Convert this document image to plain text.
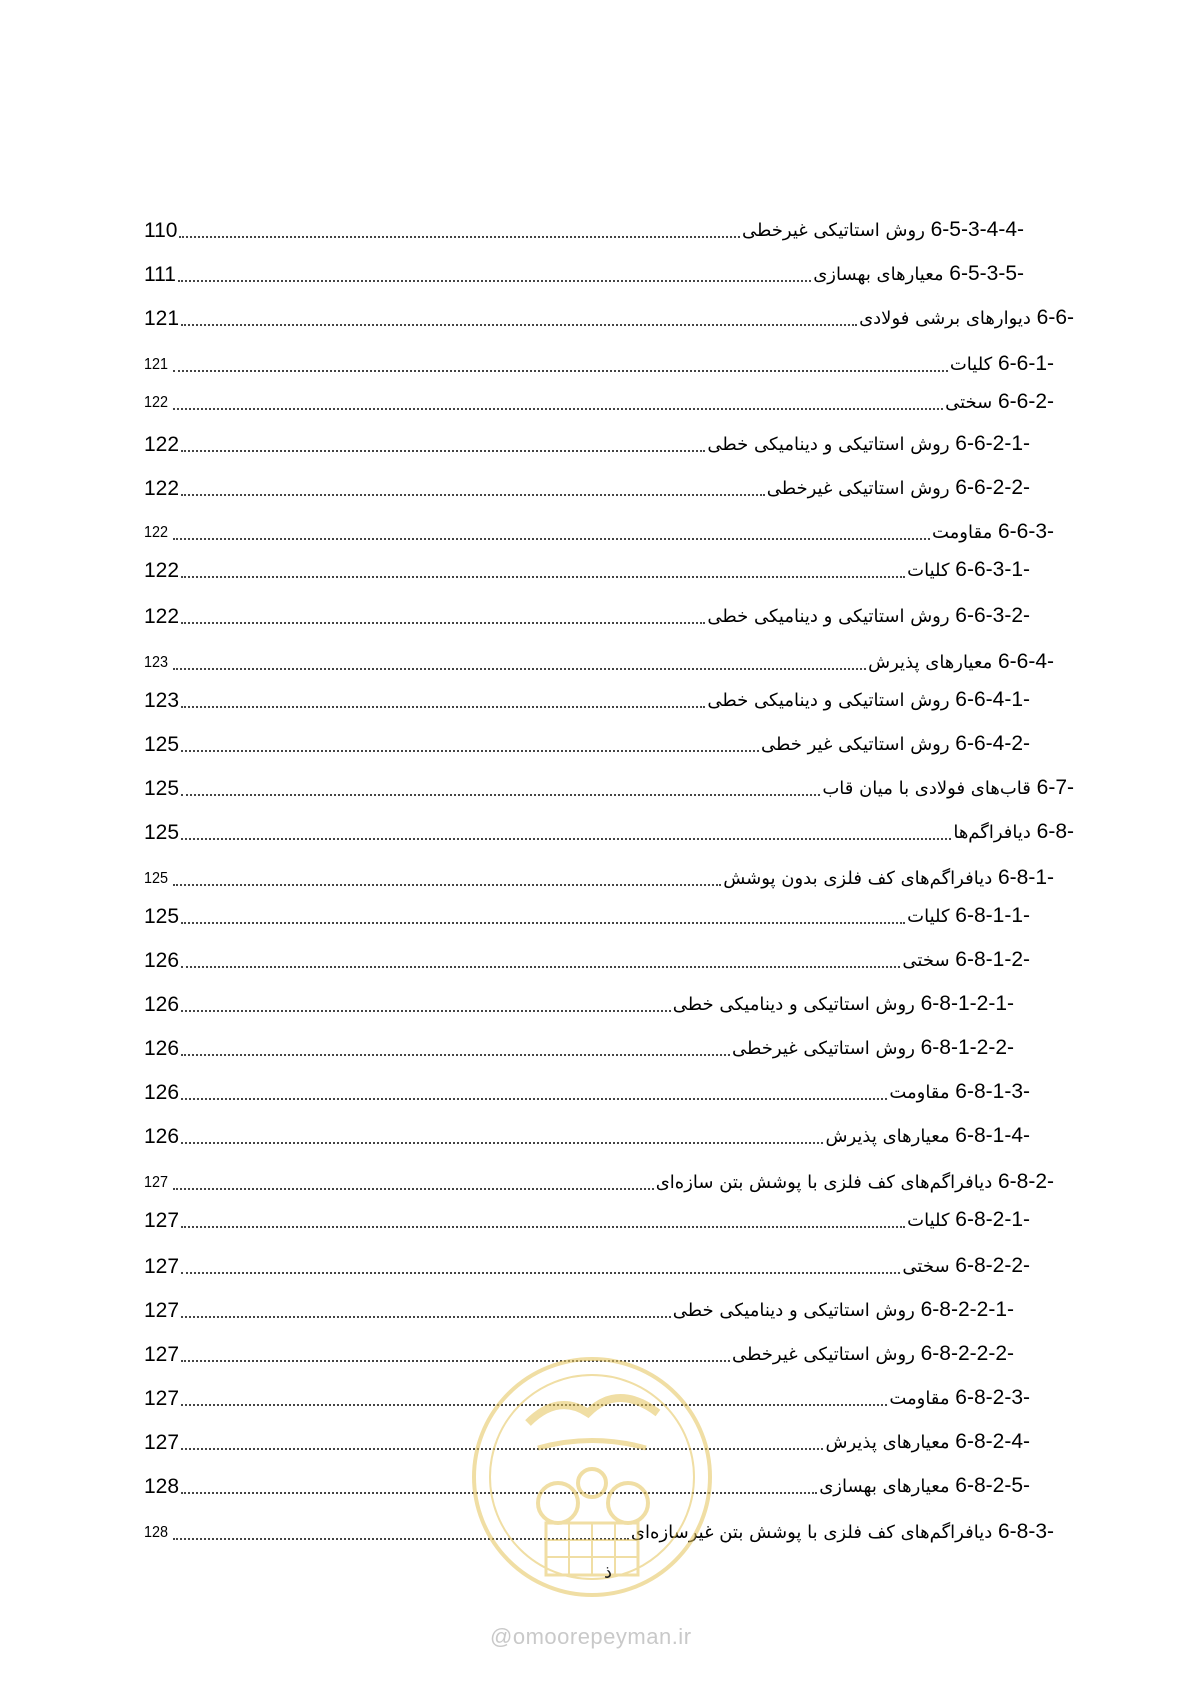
110	6-5-3-4-4- روش استاتیکی غیرخطی
111	6-5-3-5- معیارهای بهسازی
121	6-6- دیوارهای برشی فولادی
121	6-6-1- کلیات
122	6-6-2- سختی
122	6-6-2-1- روش استاتیکی و دینامیکی خطی
122	6-6-2-2- روش استاتیکی غیرخطی
122	6-6-3- مقاومت
122	6-6-3-1- کلیات
122	6-6-3-2- روش استاتیکی و دینامیکی خطی
123	6-6-4- معیارهای پذیرش
123	6-6-4-1- روش استاتیکی و دینامیکی خطی
125	6-6-4-2- روش استاتیکی غیر خطی
125	6-7- قاب‌های فولادی با میان قاب
125	6-8- دیافراگم‌ها
125	6-8-1- دیافراگم‌های کف فلزی بدون پوشش
125	6-8-1-1- کلیات
126	6-8-1-2- سختی
126	6-8-1-2-1- روش استاتیکی و دینامیکی خطی
126	6-8-1-2-2- روش استاتیکی غیرخطی
126	6-8-1-3- مقاومت
126	6-8-1-4- معیارهای پذیرش
127	6-8-2- دیافراگم‌های کف فلزی با پوشش بتن سازه‌ای
127	6-8-2-1- کلیات
127	6-8-2-2- سختی
127	6-8-2-2-1- روش استاتیکی و دینامیکی خطی
127	6-8-2-2-2- روش استاتیکی غیرخطی
127	6-8-2-3- مقاومت
127	6-8-2-4- معیارهای پذیرش
128	6-8-2-5- معیارهای بهسازی
128	6-8-3- دیافراگم‌های کف فلزی با پوشش بتن غیرسازه‌ای
ذ
@omoorepeyman.ir
